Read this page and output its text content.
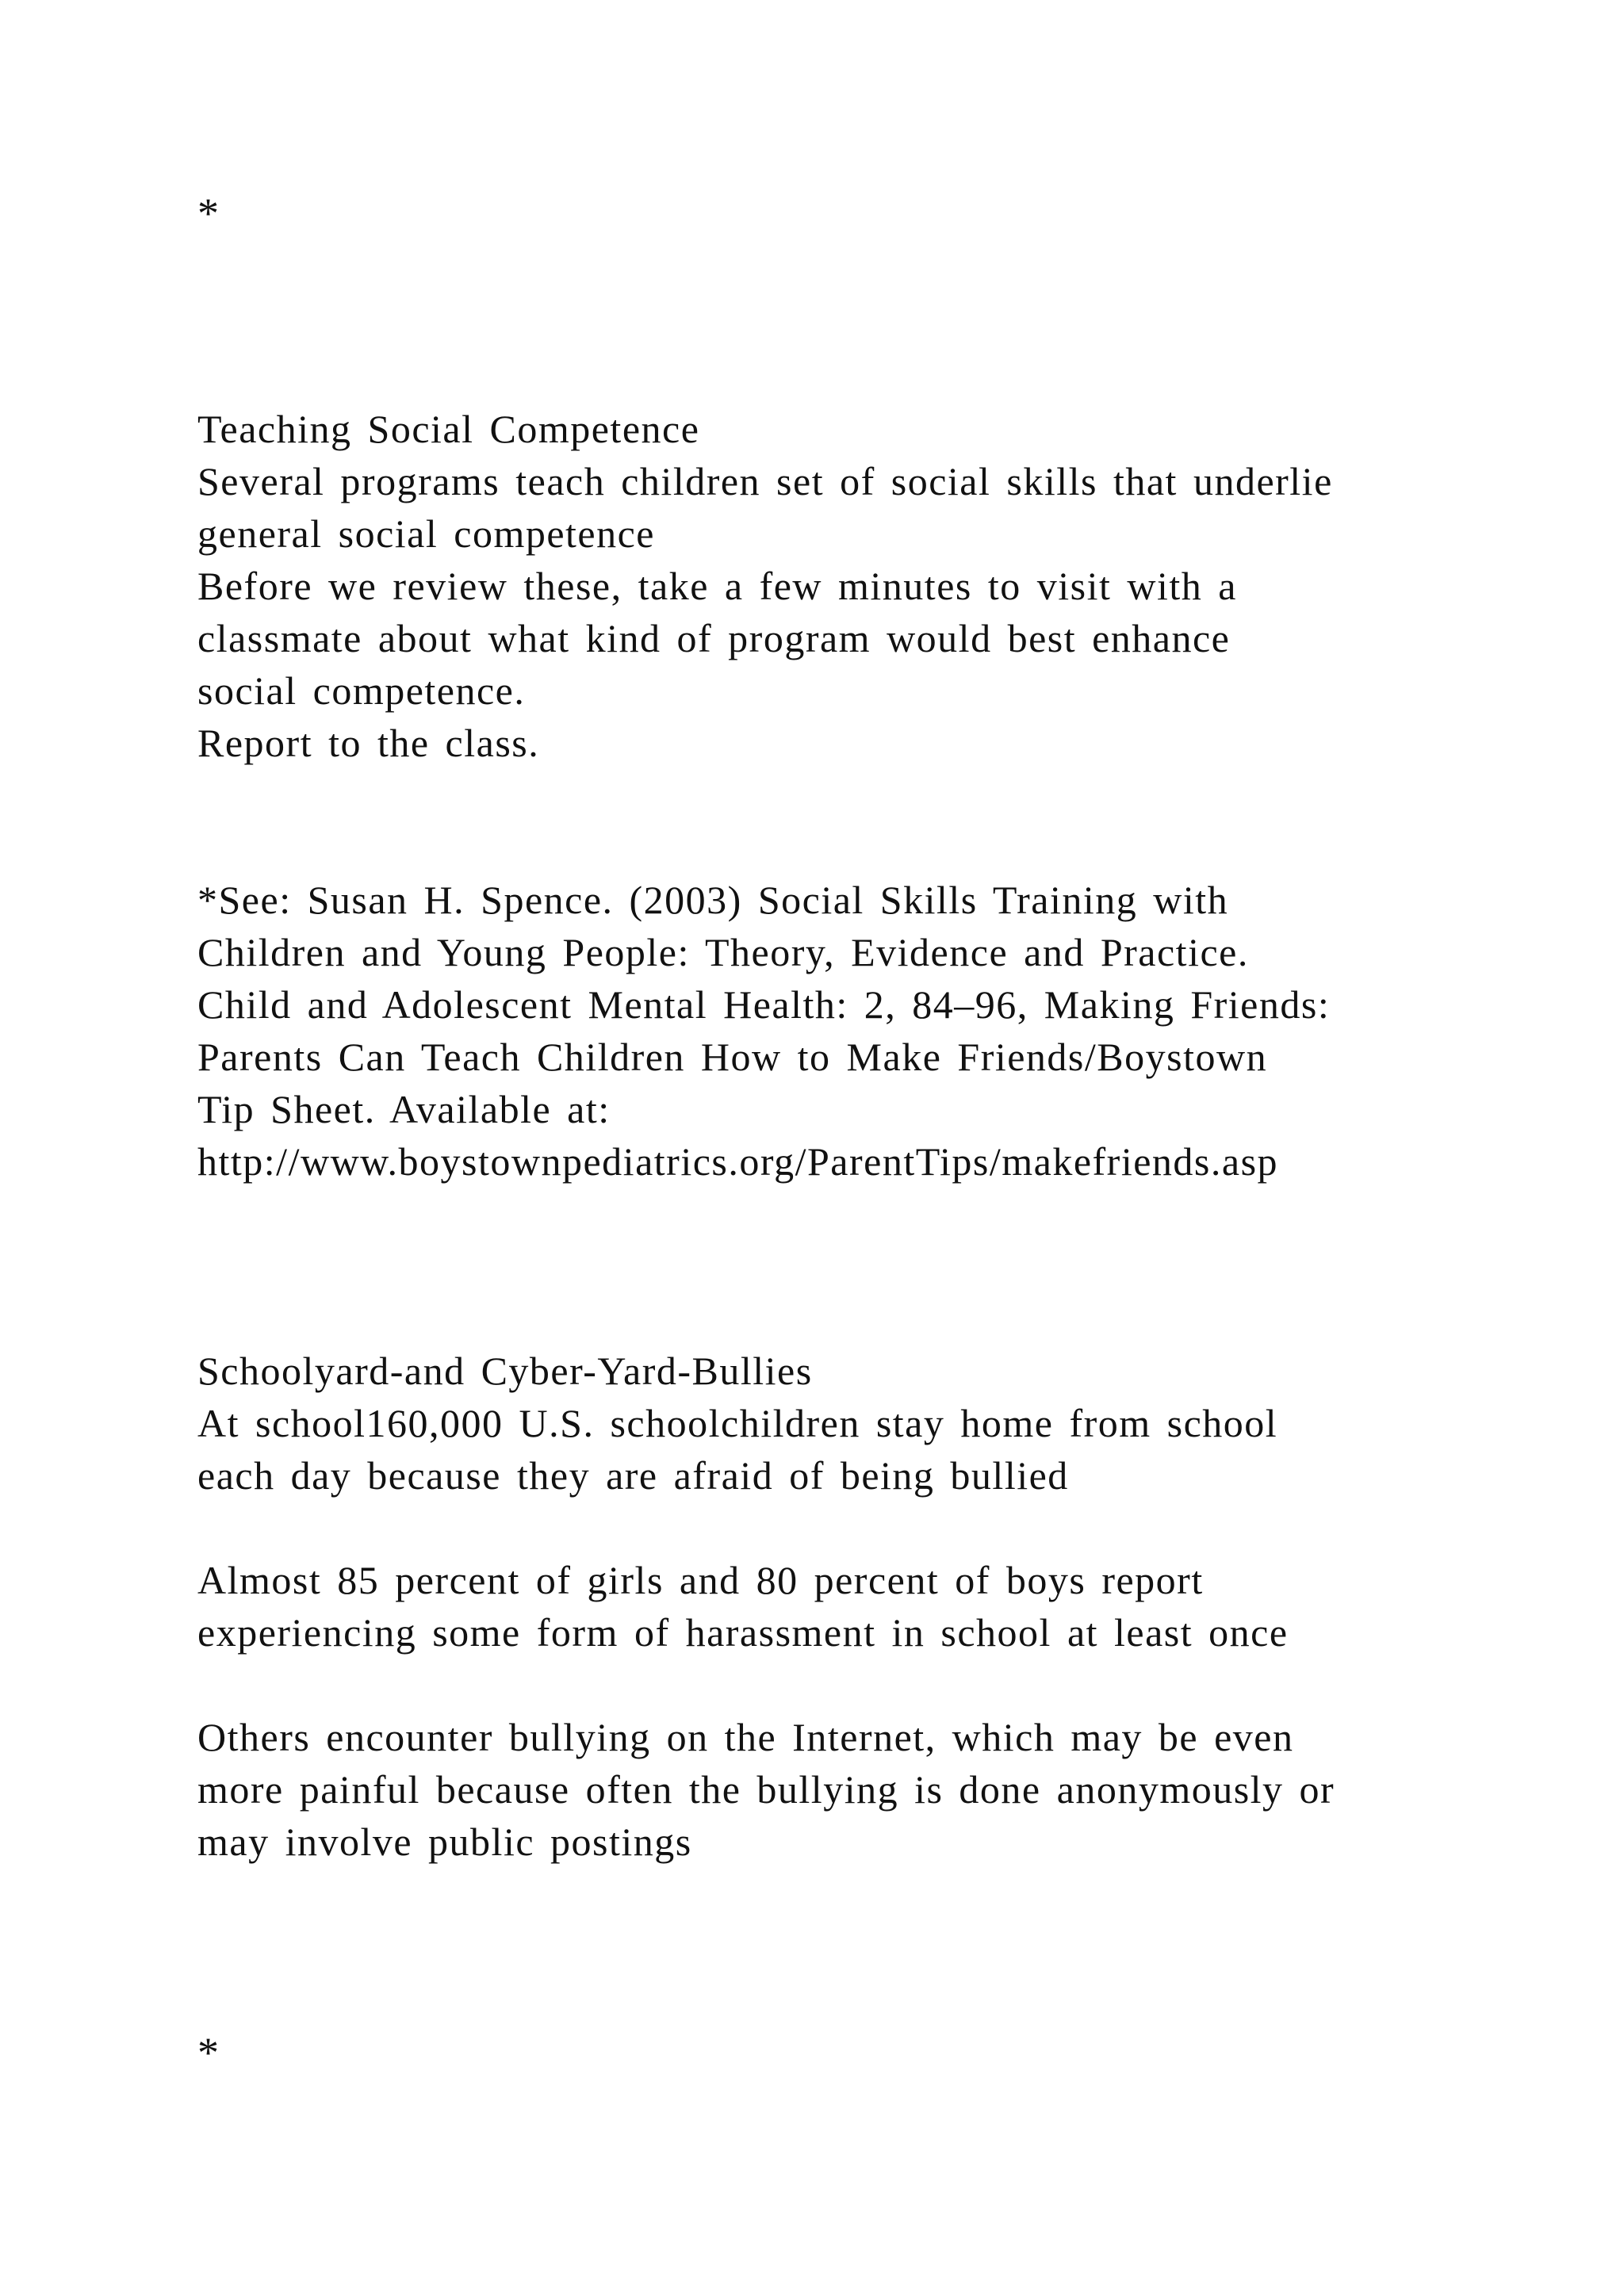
*
Teaching Social Competence
Several programs teach children set of social skills that underlie
general social competence
Before we review these, take a few minutes to visit with a
classmate about what kind of program would best enhance
social competence.
Report to the class.
*See: Susan H. Spence. (2003) Social Skills Training with
Children and Young People: Theory, Evidence and Practice.
Child and Adolescent Mental Health: 2, 84–96, Making Friends:
Parents Can Teach Children How to Make Friends/Boystown
Tip Sheet. Available at:
http://www.boystownpediatrics.org/ParentTips/makefriends.asp
Schoolyard-and Cyber-Yard-Bullies
At school160,000 U.S. schoolchildren stay home from school
each day because they are afraid of being bullied
Almost 85 percent of girls and 80 percent of boys report
experiencing some form of harassment in school at least once
Others encounter bullying on the Internet, which may be even
more painful because often the bullying is done anonymously or
may involve public postings
*
